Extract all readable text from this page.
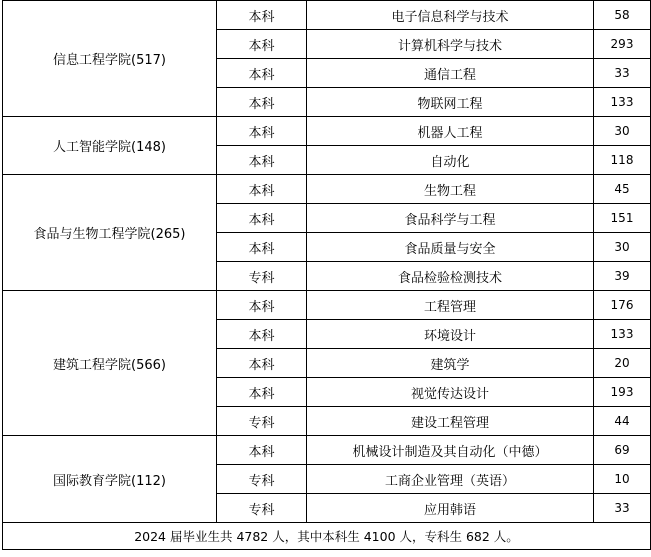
信息工程学院(517)	本科	电子信息科学与技术	58
	本科	计算机科学与技术	293
	本科	通信工程	33
	本科	物联网工程	133
人工智能学院(148)	本科	机器人工程	30
	本科	自动化	118
食品与生物工程学院(265)	本科	生物工程	45
	本科	食品科学与工程	151
	本科	食品质量与安全	30
	专科	食品检验检测技术	39
建筑工程学院(566)	本科	工程管理	176
	本科	环境设计	133
	本科	建筑学	20
	本科	视觉传达设计	193
	专科	建设工程管理	44
国际教育学院(112)	本科	机械设计制造及其自动化（中德）	69
	专科	工商企业管理（英语）	10
	专科	应用韩语	33
2024 届毕业生共 4782 人，其中本科生 4100 人，专科生 682 人。			
